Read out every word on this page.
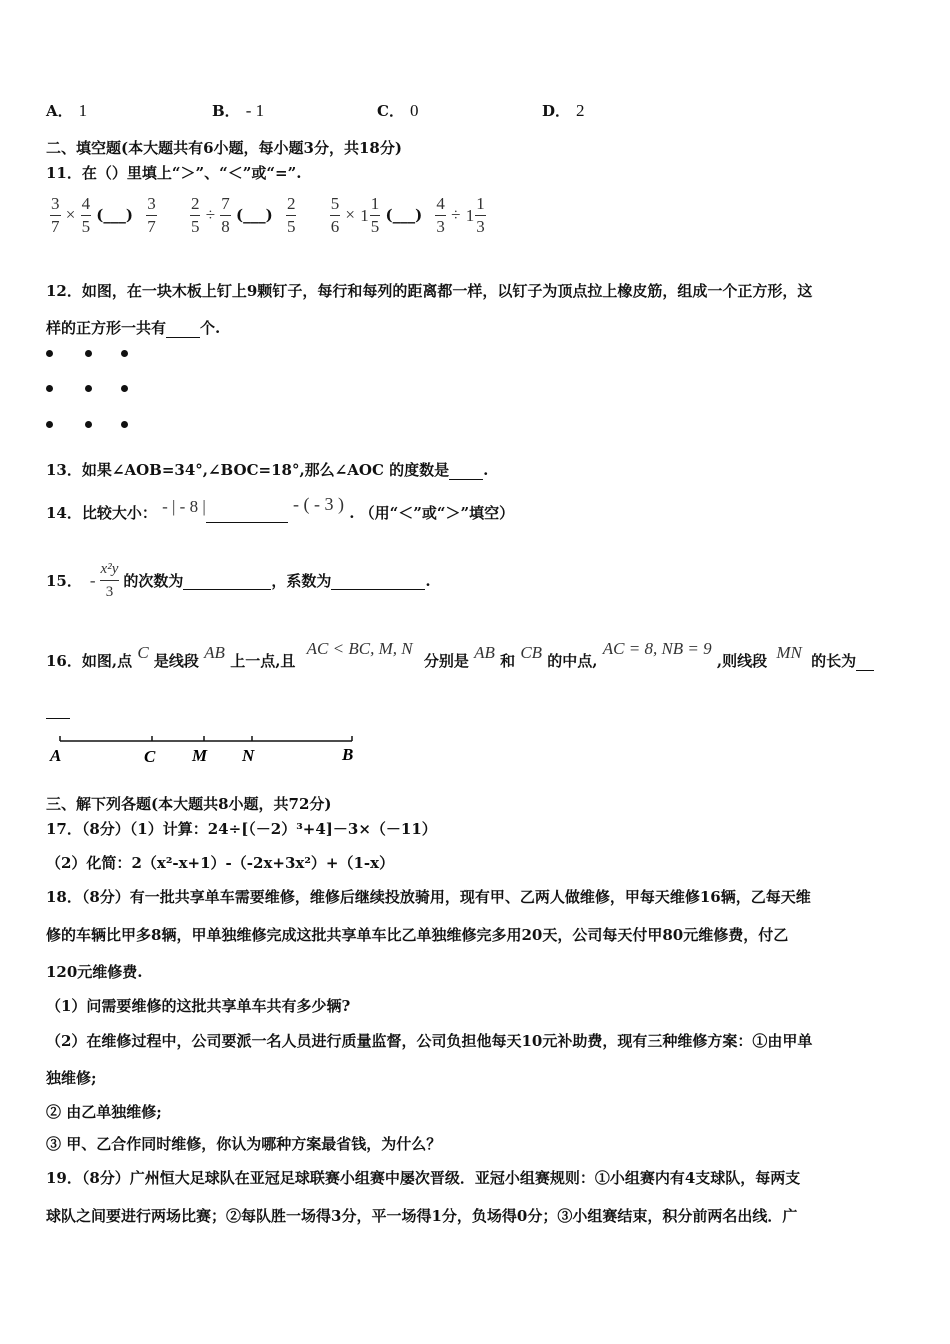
A． 1	B． - 1	C． 0	D． 2
二、填空题(本大题共有6小题，每小题3分，共18分)
11．在（）里填上“＞”、“＜”或“=”.
$\frac{3}{7} \times \frac{4}{5}$ (___) $\frac{3}{7}$
$\frac{2}{5} \div \frac{7}{8}$ (___) $\frac{2}{5}$
$\frac{5}{6} \times 1 \frac{1}{5}$ (___) $\frac{4}{3} \div 1 \frac{1}{3}$
12．如图，在一块木板上钉上9颗钉子，每行和每列的距离都一样，以钉子为顶点拉上橡皮筋，组成一个正方形，这
样的正方形一共有 个.
13．如果∠AOB=34°,∠BOC=18°,那么∠AOC 的度数是 .
14．比较大小： - | - 8 |	- ( - 3 ) . （用“＜”或“＞”填空）
15． - $\frac{\text{x²y}}{3}$ 的次数为
	，系数为
	.
16．如图,点 C 是线段 AB 上一点,且 AC < BC, M, N 分别是 AB 和 CB 的中点, AC = 8, NB = 9 ,则线段 MN 的长为
A	C M N	B
三、解下列各题(本大题共8小题，共72分)
17．（8分）（1）计算：24÷[（－2）³+4]－3×（－11）
（2）化简：2（x²-x+1）-（-2x+3x²）+（1-x）
18．（8分）有一批共享单车需要维修，维修后继续投放骑用，现有甲、乙两人做维修，甲每天维修16辆，乙每天维
修的车辆比甲多8辆，甲单独维修完成这批共享单车比乙单独维修完多用20天，公司每天付甲80元维修费，付乙
120元维修费.
（1）问需要维修的这批共享单车共有多少辆?
（2）在维修过程中，公司要派一名人员进行质量监督，公司负担他每天10元补助费，现有三种维修方案：①由甲单
独维修;
② 由乙单独维修;
③ 甲、乙合作同时维修，你认为哪种方案最省钱，为什么？
19．（8分）广州恒大足球队在亚冠足球联赛小组赛中屡次晋级．亚冠小组赛规则：①小组赛内有4支球队，每两支
球队之间要进行两场比赛；②每队胜一场得3分，平一场得1分，负场得0分；③小组赛结束，积分前两名出线．广
